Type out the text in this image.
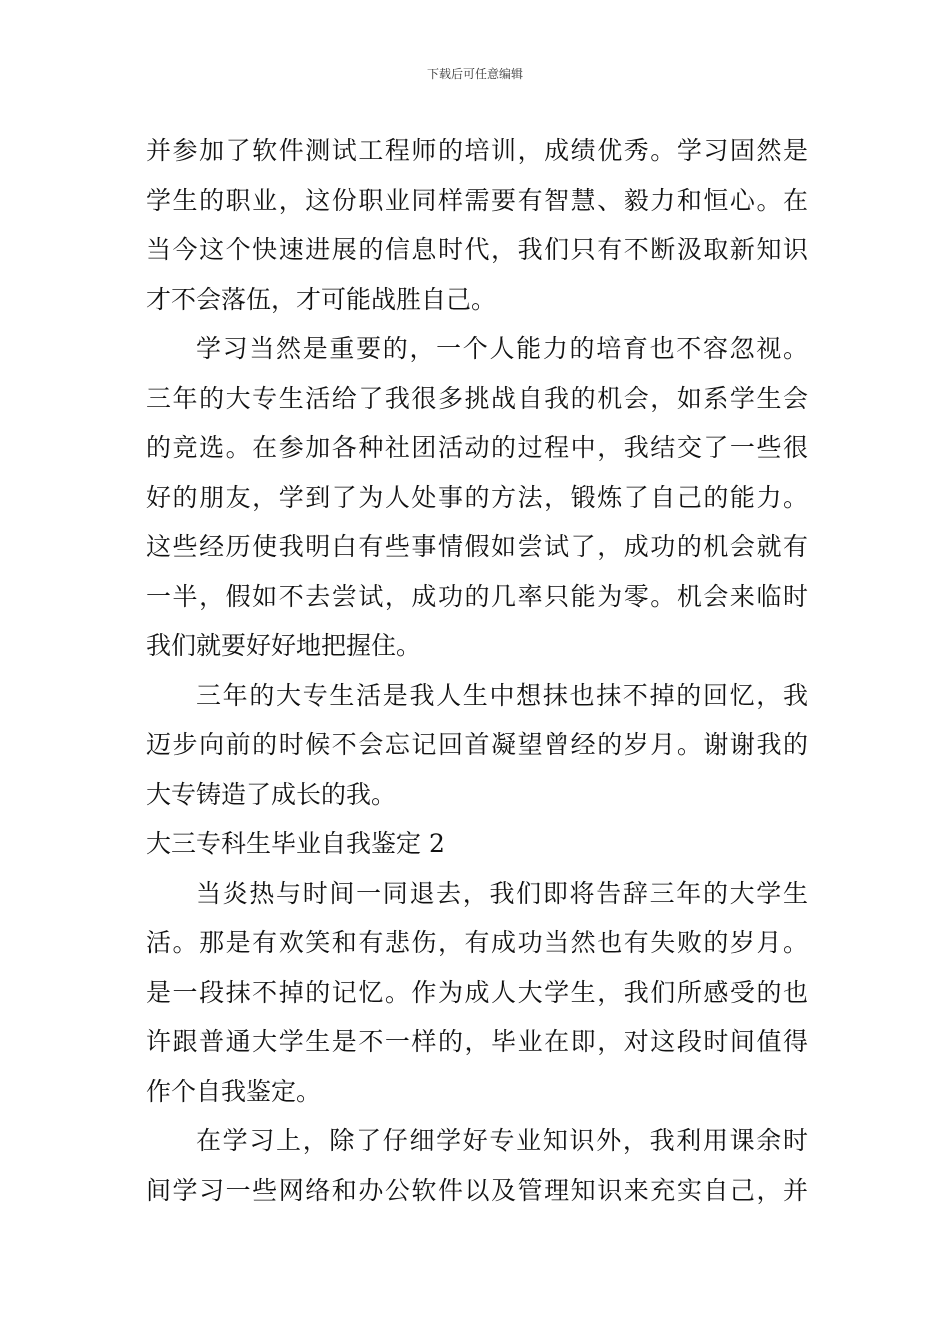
下载后可任意编辑
并参加了软件测试工程师的培训，成绩优秀。学习固然是
学生的职业，这份职业同样需要有智慧、毅力和恒心。在
当今这个快速进展的信息时代，我们只有不断汲取新知识
才不会落伍，才可能战胜自己。
学习当然是重要的，一个人能力的培育也不容忽视。
三年的大专生活给了我很多挑战自我的机会，如系学生会
的竞选。在参加各种社团活动的过程中，我结交了一些很
好的朋友，学到了为人处事的方法，锻炼了自己的能力。
这些经历使我明白有些事情假如尝试了，成功的机会就有
一半，假如不去尝试，成功的几率只能为零。机会来临时
我们就要好好地把握住。
三年的大专生活是我人生中想抹也抹不掉的回忆，我
迈步向前的时候不会忘记回首凝望曾经的岁月。谢谢我的
大专铸造了成长的我。
大三专科生毕业自我鉴定 2
当炎热与时间一同退去，我们即将告辞三年的大学生
活。那是有欢笑和有悲伤，有成功当然也有失败的岁月。
是一段抹不掉的记忆。作为成人大学生，我们所感受的也
许跟普通大学生是不一样的，毕业在即，对这段时间值得
作个自我鉴定。
在学习上，除了仔细学好专业知识外，我利用课余时
间学习一些网络和办公软件以及管理知识来充实自己，并
